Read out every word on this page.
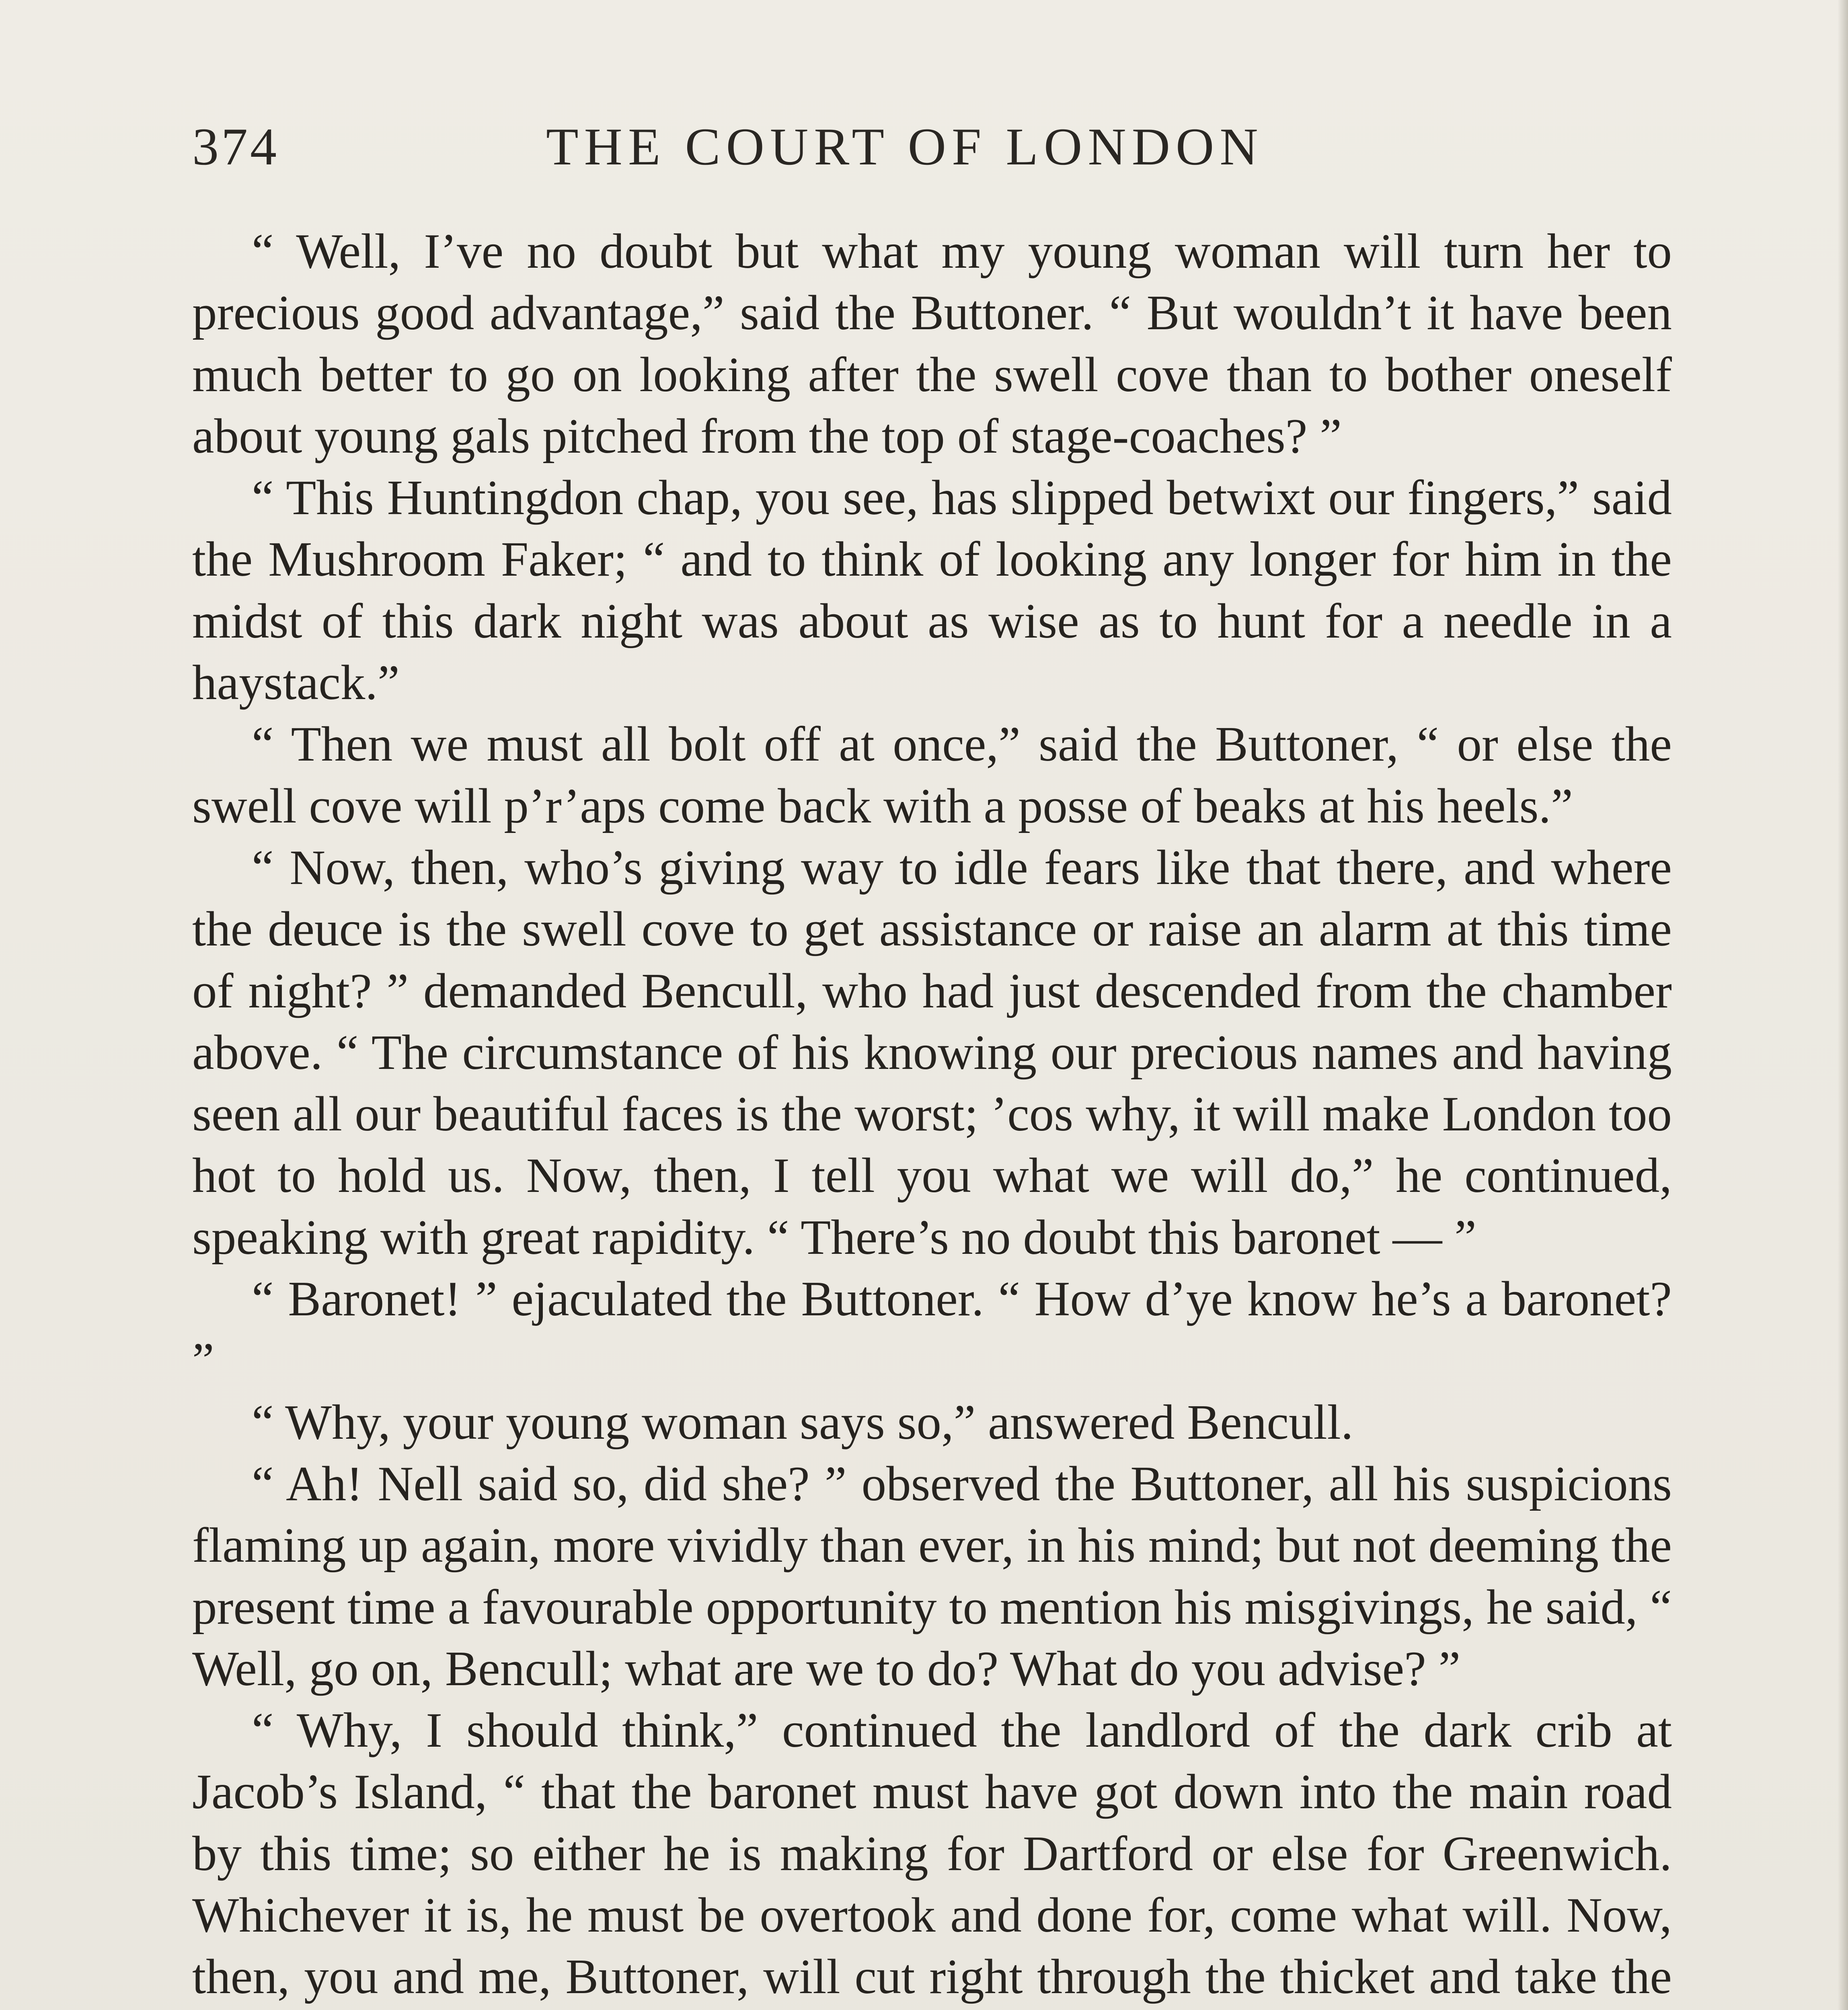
374	THE COURT OF LONDON

“ Well, I’ve no doubt but what my young woman will turn her to precious good advantage,” said the Buttoner. “ But wouldn’t it have been much better to go on looking after the swell cove than to bother oneself about young gals pitched from the top of stage-coaches? ”

“ This Huntingdon chap, you see, has slipped betwixt our fingers,” said the Mushroom Faker; “ and to think of looking any longer for him in the midst of this dark night was about as wise as to hunt for a needle in a haystack.”

“ Then we must all bolt off at once,” said the Buttoner, “ or else the swell cove will p’r’aps come back with a posse of beaks at his heels.”

“ Now, then, who’s giving way to idle fears like that there, and where the deuce is the swell cove to get assistance or raise an alarm at this time of night? ” demanded Bencull, who had just descended from the chamber above. “ The circumstance of his knowing our precious names and having seen all our beautiful faces is the worst; ’cos why, it will make London too hot to hold us. Now, then, I tell you what we will do,” he continued, speaking with great rapidity. “ There’s no doubt this baronet — ”

“ Baronet! ” ejaculated the Buttoner. “ How d’ye know he’s a baronet? ”

“ Why, your young woman says so,” answered Bencull.

“ Ah! Nell said so, did she? ” observed the Buttoner, all his suspicions flaming up again, more vividly than ever, in his mind; but not deeming the present time a favourable opportunity to mention his misgivings, he said, “ Well, go on, Bencull; what are we to do? What do you advise? ”

“ Why, I should think,” continued the landlord of the dark crib at Jacob’s Island, “ that the baronet must have got down into the main road by this time; so either he is making for Dartford or else for Greenwich. Whichever it is, he must be overtook and done for, come what will. Now, then, you and me, Buttoner, will cut right through the thicket and take the
